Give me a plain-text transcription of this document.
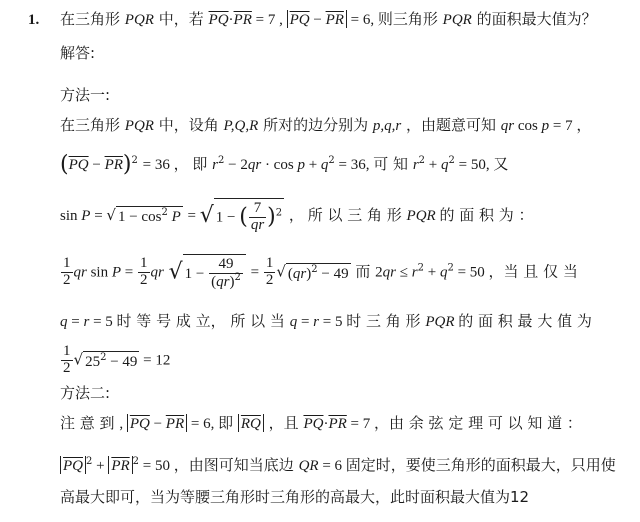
1. 在三角形 PQR 中，若 $\overline{PQ}\cdot\overline{PR} = 7$ , $\overline{PQ} - \overline{PR} = 6$, 则三角形 PQR 的面积最大值为？
解答:
方法一:
在三角形 PQR 中，设角 P,Q,R 所对的边分别为 p,q,r ，由题意可知 qr cos p = 7 ，
$(\overline{PQ} - \overline{PR})^2 = 36$ ， 即 $r^2 - 2qr \cdot \cos p + q^2 = 36$, 可 知 $r^2 + q^2 = 50$, 又
sin P = √ $1 - \cos^2 P$ = √ 1 − ( $\frac{7}{qr} )^2$ ， 所 以 三 角 形 PQR 的 面 积 为 ：
$\frac{1}{2}$ qr $\sin P = \frac{1}{2}$ qr √ $1 - \frac{49}{(qr)^2} = \frac{1}{2}$ √ (qr)$^2$ − 49 而 $2qr \le r^2 + q^2 = 50$ ，当 且 仅 当
q = r = 5 时 等 号 成 立， 所 以 当 q = r = 5 时 三 角 形 PQR 的 面 积 最 大 值 为
$\frac{1}{2}$ √ $25^2 - 49 = 12$
方法二:
注 意 到 , $\overline{PQ} - \overline{PR} = 6$, 即 $\overline{RQ}$ ，且 $\overline{PQ}\cdot\overline{PR} = 7$ ，由 余 弦 定 理 可 以 知 道 ：
$\overline{PQ}$ $^2 + \overline{PR}$ $^2$ = 50 ，由图可知当底边 QR = 6 固定时，要使三角形的面积最大，只用使
高最大即可，当为等腰三角形时三角形的高最大，此时面积最大值为12
